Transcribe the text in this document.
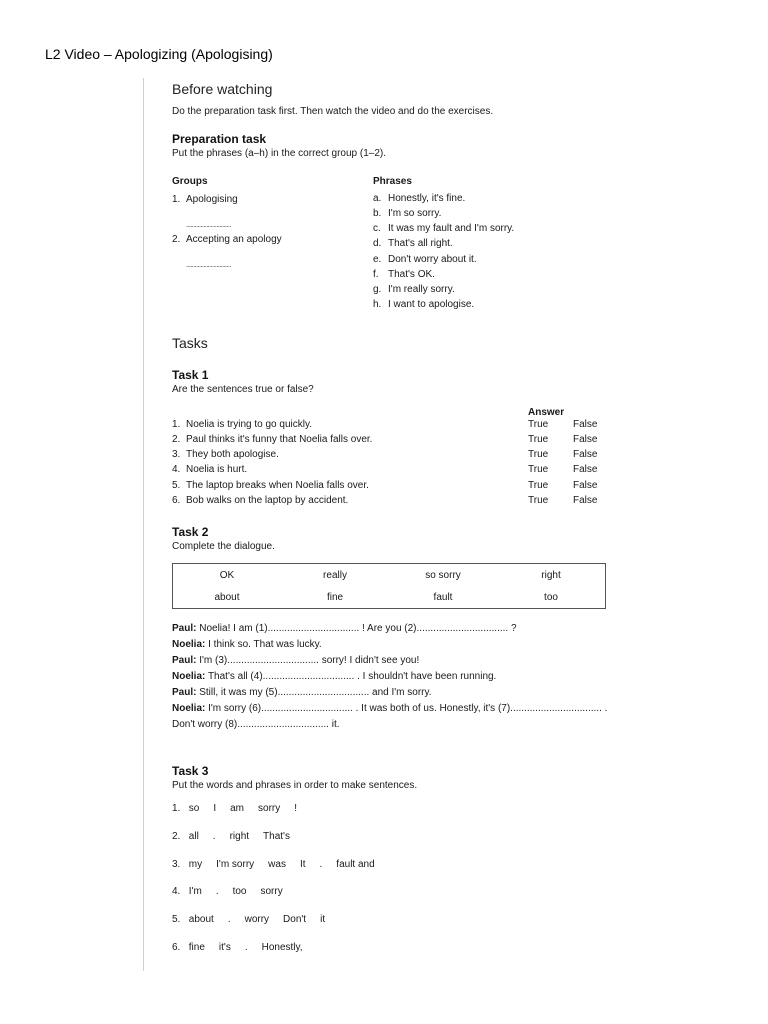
L2 Video – Apologizing (Apologising)
Before watching
Do the preparation task first. Then watch the video and do the exercises.
Preparation task
Put the phrases (a–h) in the correct group (1–2).
Groups	Phrases
1. Apologising
...............................
2. Accepting an apology
...............................
a. Honestly, it's fine.
b. I'm so sorry.
c. It was my fault and I'm sorry.
d. That's all right.
e. Don't worry about it.
f. That's OK.
g. I'm really sorry.
h. I want to apologise.
Tasks
Task 1
Are the sentences true or false?
Answer
1. Noelia is trying to go quickly.	True False
2. Paul thinks it's funny that Noelia falls over.	True False
3. They both apologise.	True False
4. Noelia is hurt.	True False
5. The laptop breaks when Noelia falls over.	True False
6. Bob walks on the laptop by accident.	True False
Task 2
Complete the dialogue.
OK	really	so sorry	right
about	fine	fault	too
Paul: Noelia! I am (1)................................. ! Are you (2)................................. ?
Noelia: I think so. That was lucky.
Paul: I'm (3)................................. sorry! I didn't see you!
Noelia: That's all (4)................................. . I shouldn't have been running.
Paul: Still, it was my (5)................................. and I'm sorry.
Noelia: I'm sorry (6)................................. . It was both of us. Honestly, it's (7)................................. .
Don't worry (8)................................. it.
Task 3
Put the words and phrases in order to make sentences.
1. so I am sorry !
2. all . right That's
3. my I'm sorry was It . fault and
4. I'm . too sorry
5. about . worry Don't it
6. fine it's . Honestly,
